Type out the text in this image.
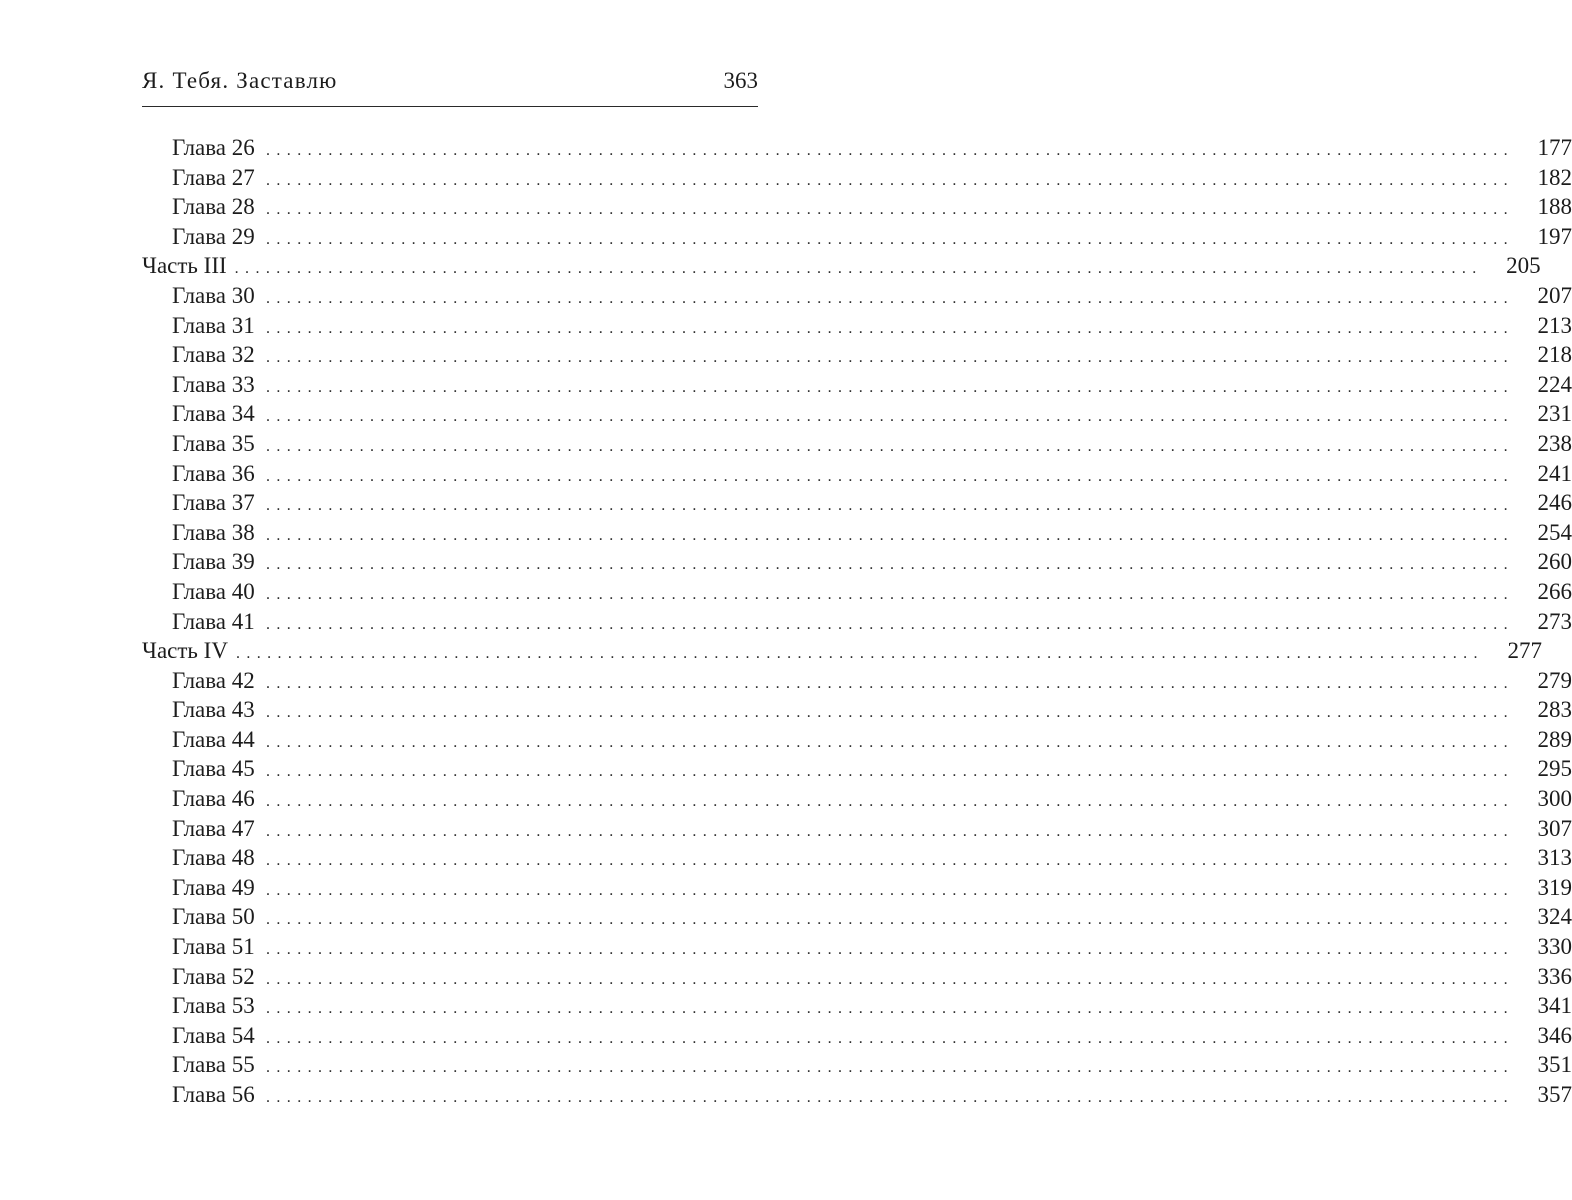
Я. Тебя. Заставлю	363
Глава 26 ........................................................................................................................ 177
Глава 27 ........................................................................................................................ 182
Глава 28 ........................................................................................................................ 188
Глава 29 ........................................................................................................................ 197
Часть III ........................................................................................................................ 205
Глава 30 ........................................................................................................................ 207
Глава 31 ........................................................................................................................ 213
Глава 32 ........................................................................................................................ 218
Глава 33 ........................................................................................................................ 224
Глава 34 ........................................................................................................................ 231
Глава 35 ........................................................................................................................ 238
Глава 36 ........................................................................................................................ 241
Глава 37 ........................................................................................................................ 246
Глава 38 ........................................................................................................................ 254
Глава 39 ........................................................................................................................ 260
Глава 40 ........................................................................................................................ 266
Глава 41 ........................................................................................................................ 273
Часть IV ........................................................................................................................ 277
Глава 42 ........................................................................................................................ 279
Глава 43 ........................................................................................................................ 283
Глава 44 ........................................................................................................................ 289
Глава 45 ........................................................................................................................ 295
Глава 46 ........................................................................................................................ 300
Глава 47 ........................................................................................................................ 307
Глава 48 ........................................................................................................................ 313
Глава 49 ........................................................................................................................ 319
Глава 50 ........................................................................................................................ 324
Глава 51 ........................................................................................................................ 330
Глава 52 ........................................................................................................................ 336
Глава 53 ........................................................................................................................ 341
Глава 54 ........................................................................................................................ 346
Глава 55 ........................................................................................................................ 351
Глава 56 ........................................................................................................................ 357
